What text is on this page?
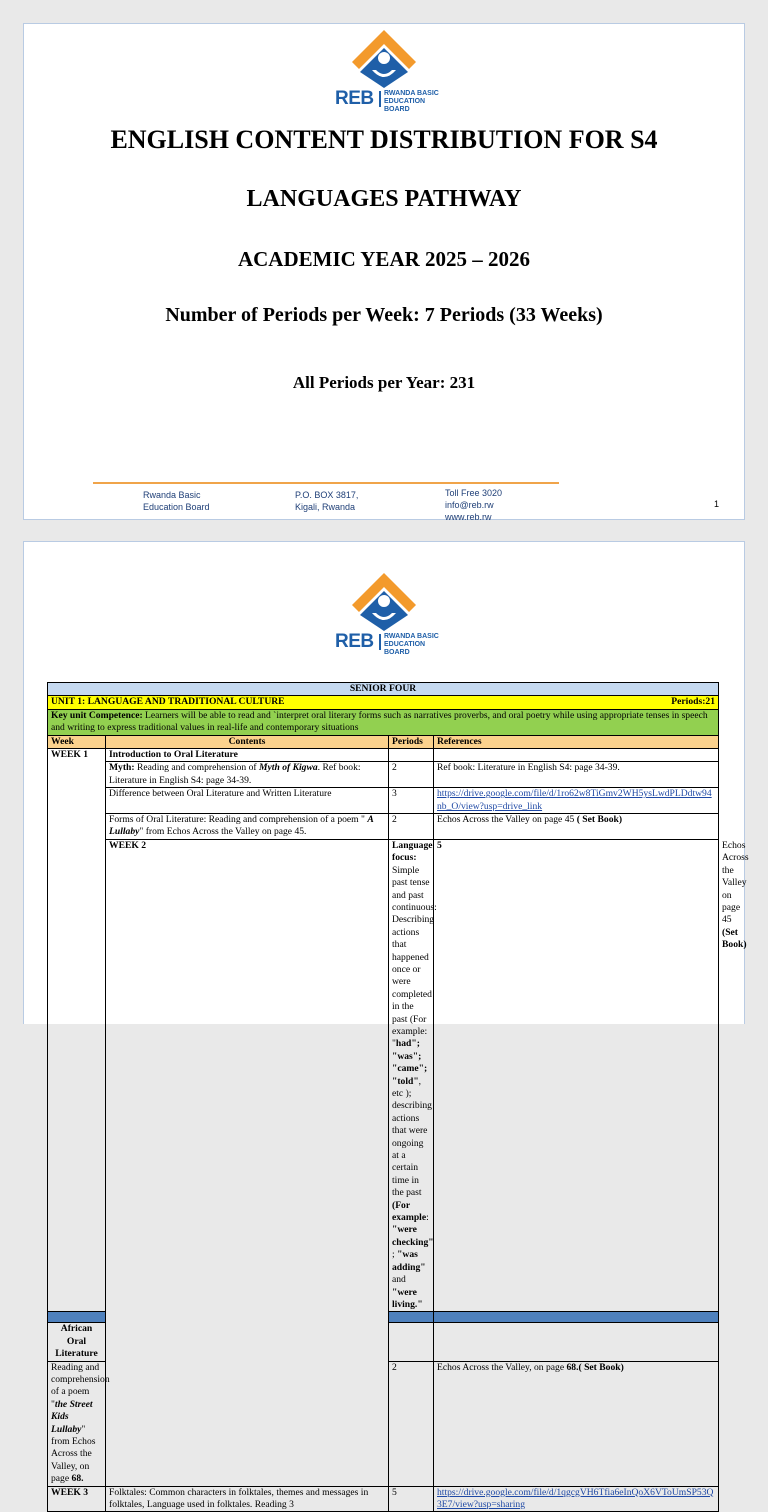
REB RWANDA BASIC
EDUCATION BOARD
ENGLISH CONTENT DISTRIBUTION FOR S4
LANGUAGES PATHWAY
ACADEMIC YEAR 2025 – 2026
Number of Periods per Week: 7 Periods (33 Weeks)
All Periods per Year: 231
Rwanda Basic
Education Board
P.O. BOX 3817,
Kigali, Rwanda
Toll Free 3020
info@reb.rw
www.reb.rw
1
REB RWANDA BASIC
EDUCATION BOARD
SENIOR FOUR				
UNIT 1: LANGUAGE AND TRADITIONAL CULTURE Periods:21				

Key unit Competence: Learners will be able to read and `interpret oral literary forms such as narratives proverbs, and oral poetry while using appropriate tenses in speech and writing to express traditional values in real-life and contemporary situations				
Week	Contents	Periods	References	
WEEK 1	Introduction to Oral Literature			
	Myth: Reading and comprehension of Myth of Kigwa. Ref book: Literature in English S4: page 34-39.	2	Ref book: Literature in English S4: page 34-39.	
	Difference between Oral Literature and Written Literature	3	https://drive.google.com/file/d/1ro62w8TiGmv2WH5ysLwdPLDdtw94nb_O/view?usp=drive_link	
	Forms of Oral Literature: Reading and comprehension of a poem " A Lullaby" from Echos Across the Valley on page 45.	2	Echos Across the Valley on page 45 ( Set Book)	
	WEEK 2	Language focus: Simple past tense and past continuous: Describing actions that happened once or were completed in the past (For example: "had"; "was"; "came"; "told", etc ); describing actions that were ongoing at a certain time in the past (For example: "were checking" ; "was adding" and "were living."	5	Echos Across the Valley on page 45 (Set Book)

African Oral Literature				
Reading and comprehension of a poem "the Street Kids Lullaby" from Echos Across the Valley, on page 68.		2	Echos Across the Valley, on page 68.( Set Book)	
WEEK 3	Folktales: Common characters in folktales, themes and messages in folktales, Language used in folktales. Reading 3	5	https://drive.google.com/file/d/1qgcgVH6Tfia6eInQoX6VToUmSP53Q3E7/view?usp=sharing	
